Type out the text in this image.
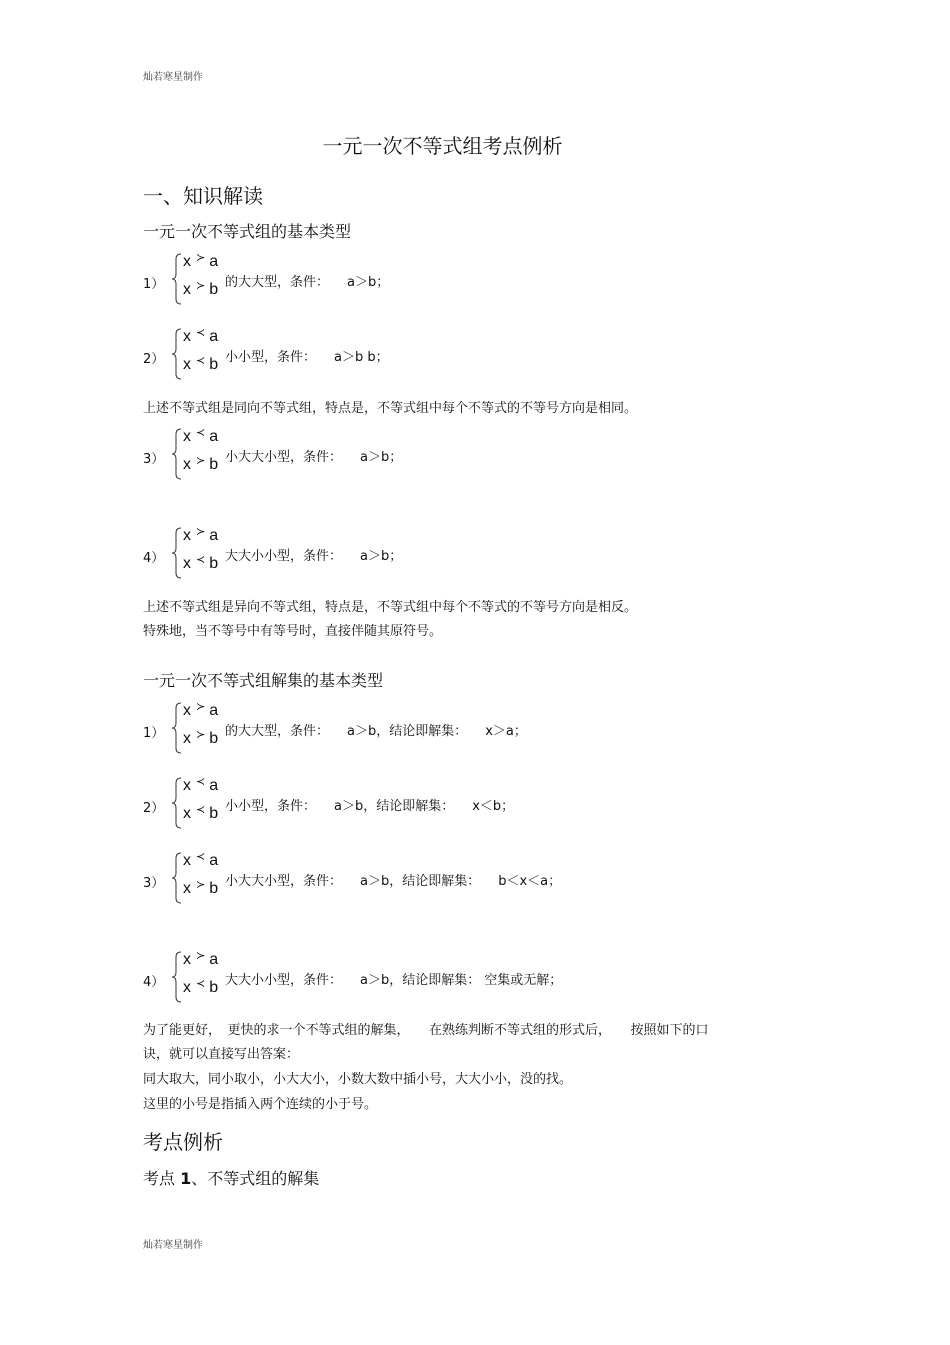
灿若寒星制作
一元一次不等式组考点例析
一、知识解读
一元一次不等式组的基本类型
1）
x ≻ a
x ≻ b 的大大型，条件： a＞b；
2）
x ≺ a
x ≺ b 小小型，条件： a＞b b；
上述不等式组是同向不等式组，特点是，不等式组中每个不等式的不等号方向是相同。
3）
x ≺ a
x ≻ b 小大大小型，条件： a＞b；
4）
x ≻ a
x ≺ b 大大小小型，条件： a＞b；
上述不等式组是异向不等式组，特点是，不等式组中每个不等式的不等号方向是相反。
特殊地，当不等号中有等号时，直接伴随其原符号。
一元一次不等式组解集的基本类型
1）
x ≻ a
x ≻ b 的大大型，条件： a＞b，结论即解集： x＞a；
2）
x ≺ a
x ≺ b 小小型，条件： a＞b，结论即解集： x＜b；
3）
x ≺ a
x ≻ b 小大大小型，条件： a＞b，结论即解集： b＜x＜a；
4）
x ≻ a
x ≺ b 大大小小型，条件： a＞b，结论即解集： 空集或无解；
为了能更好，　更快的求一个不等式组的解集，　　在熟练判断不等式组的形式后，　　按照如下的口
诀，就可以直接写出答案：
同大取大，同小取小，小大大小，小数大数中插小号，大大小小，没的找。
这里的小号是指插入两个连续的小于号。
考点例析
考点 1、不等式组的解集
灿若寒星制作
